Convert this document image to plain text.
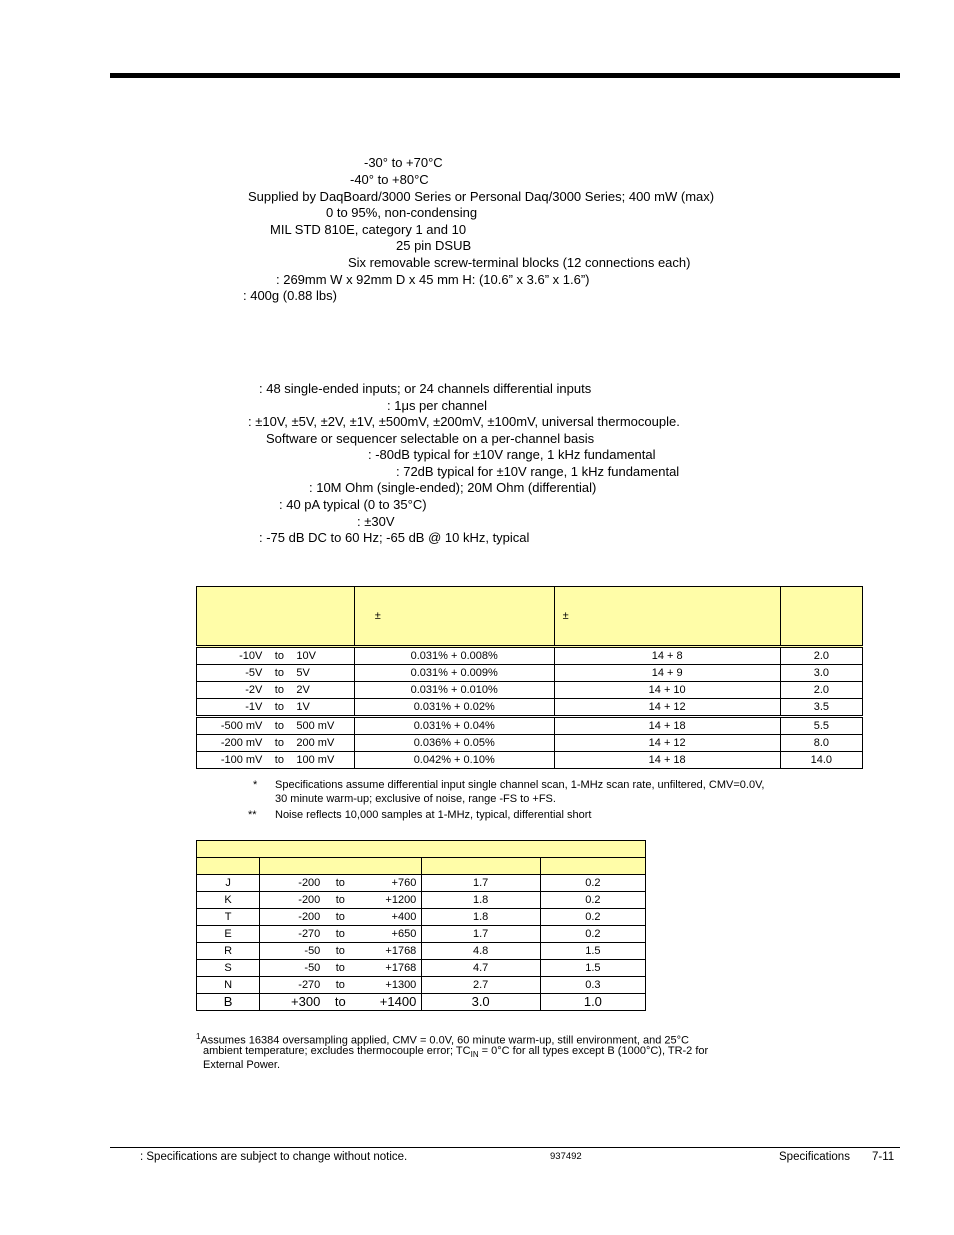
-30° to +70°C
-40° to +80°C
Supplied by DaqBoard/3000 Series or Personal Daq/3000 Series; 400 mW (max)
0 to 95%, non-condensing
MIL STD 810E, category 1 and 10
25 pin DSUB
Six removable screw-terminal blocks (12 connections each)
: 269mm W x 92mm D x 45 mm H: (10.6” x 3.6” x 1.6”)
: 400g (0.88 lbs)
: 48 single-ended inputs; or 24 channels differential inputs
: 1μs per channel
: ±10V, ±5V, ±2V, ±1V, ±500mV, ±200mV, ±100mV, universal thermocouple.
Software or sequencer selectable on a per-channel basis
: -80dB typical for ±10V range, 1 kHz fundamental
: 72dB typical for ±10V range, 1 kHz fundamental
: 10M Ohm (single-ended); 20M Ohm (differential)
: 40 pA typical (0 to 35°C)
: ±30V
: -75 dB DC to 60 Hz; -65 dB @ 10 kHz, typical
	±	±	
-10V to 10V	0.031% + 0.008%	14 + 8	2.0
-5V to 5V	0.031% + 0.009%	14 + 9	3.0
-2V to 2V	0.031% + 0.010%	14 + 10	2.0
-1V to 1V	0.031% + 0.02%	14 + 12	3.5
-500 mV to 500 mV	0.031% + 0.04%	14 + 18	5.5
-200 mV to 200 mV	0.036% + 0.05%	14 + 12	8.0
-100 mV to 100 mV	0.042% + 0.10%	14 + 18	14.0
* Specifications assume differential input single channel scan, 1-MHz scan rate, unfiltered, CMV=0.0V,
30 minute warm-up; exclusive of noise, range -FS to +FS.
** Noise reflects 10,000 samples at 1-MHz, typical, differential short

J	-200 to +760	1.7	0.2
K	-200 to +1200	1.8	0.2
T	-200 to +400	1.8	0.2
E	-270 to +650	1.7	0.2
R	-50 to +1768	4.8	1.5
S	-50 to +1768	4.7	1.5
N	-270 to +1300	2.7	0.3
B	+300 to +1400	3.0	1.0
$^1$Assumes 16384 oversampling applied, CMV = 0.0V, 60 minute warm-up, still environment, and 25°C
ambient temperature; excludes thermocouple error; $TC_{IN} = 0^\circ C$ for all types except B (1000°C), TR-2 for
External Power.
: Specifications are subject to change without notice.	937492	Specifications 7-11
